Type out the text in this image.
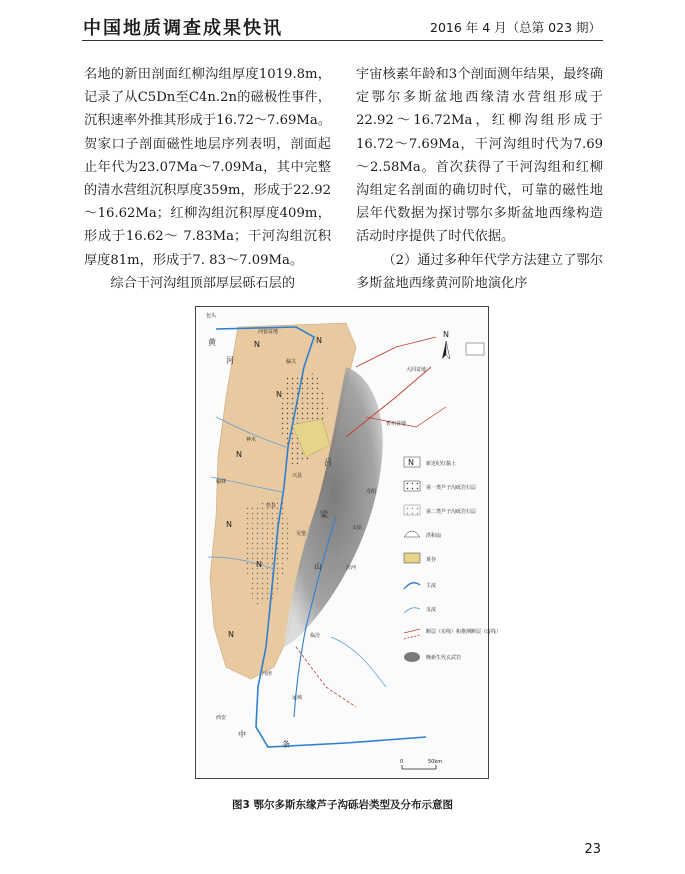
中国地质调查成果快讯	2016 年 4 月（总第 023 期）

名地的新田剖面红柳沟组厚度1019.8m，记录了从C5Dn至C4n.2n的磁极性事件，沉积速率外推其形成于16.72～7.69Ma。贺家口子剖面磁性地层序列表明，剖面起止年代为23.07Ma～7.09Ma，其中完整的清水营组沉积厚度359m，形成于22.92～16.62Ma；红柳沟组沉积厚度409m，形成于16.62～ 7.83Ma；干河沟组沉积厚度81m，形成于7. 83～7.09Ma。

综合干河沟组顶部厚层砾石层的

宇宙核素年龄和3个剖面测年结果，最终确定鄂尔多斯盆地西缘清水营组形成于22.92～16.72Ma，红柳沟组形成于16.72～7.69Ma，干河沟组时代为7.69～2.58Ma。首次获得了干河沟组和红柳沟组定名剖面的确切时代，可靠的磁性地层年代数据为探讨鄂尔多斯盆地西缘构造活动时序提供了时代依据。

（2）通过多种年代学方法建立了鄂尔多斯盆地西缘黄河阶地演化序

N	N
N
N
N
N
N
包头
河套盆地
黄
河
大同盆地
忻州盆地
神木
榆林
偏关
兴县
吴堡
佳县
吕
梁
山
太原
寿阳
汾河
临汾
河津
运城
中
条
西安
N
N 新近纪红黏土
第一类芦子沟砾岩石层
第二类芦子沟砾岩石层
洪积扇
黄谷
主流
支流
断层（实线）和推测断层（虚线）
晚新生代玄武岩
0	50km
图3 鄂尔多斯东缘芦子沟砾岩类型及分布示意图
23
